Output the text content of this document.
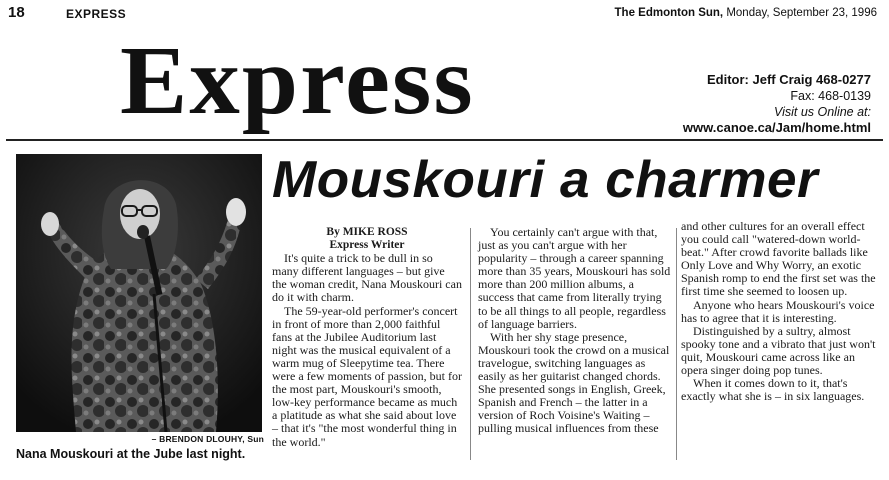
18	EXPRESS	The Edmonton Sun, Monday, September 23, 1996
Express	Editor: Jeff Craig 468-0277
Fax: 468-0139
Visit us Online at:
www.canoe.ca/Jam/home.html
– BRENDON DLOUHY, Sun
Nana Mouskouri at the Jube last night.
Mouskouri a charmer

By MIKE ROSS

Express Writer

It's quite a trick to be dull in so many different languages – but give the woman credit, Nana Mouskouri can do it with charm.

The 59-year-old performer's concert in front of more than 2,000 faithful fans at the Jubilee Auditorium last night was the musical equivalent of a warm mug of Sleepytime tea. There were a few moments of passion, but for the most part, Mouskouri's smooth, low-key performance became as much a platitude as what she said about love – that it's "the most wonderful thing in the world."

You certainly can't argue with that, just as you can't argue with her popularity – through a career spanning more than 35 years, Mouskouri has sold more than 200 million albums, a success that came from literally trying to be all things to all people, regardless of language barriers.

With her shy stage presence, Mouskouri took the crowd on a musical travelogue, switching languages as easily as her guitarist changed chords. She presented songs in English, Greek, Spanish and French – the latter in a version of Roch Voisine's Waiting – pulling musical influences from these

and other cultures for an overall effect you could call "watered-down world-beat." After crowd favorite ballads like Only Love and Why Worry, an exotic Spanish romp to end the first set was the first time she seemed to loosen up.

Anyone who hears Mouskouri's voice has to agree that it is interesting.

Distinguished by a sultry, almost spooky tone and a vibrato that just won't quit, Mouskouri came across like an opera singer doing pop tunes.

When it comes down to it, that's exactly what she is – in six languages.
